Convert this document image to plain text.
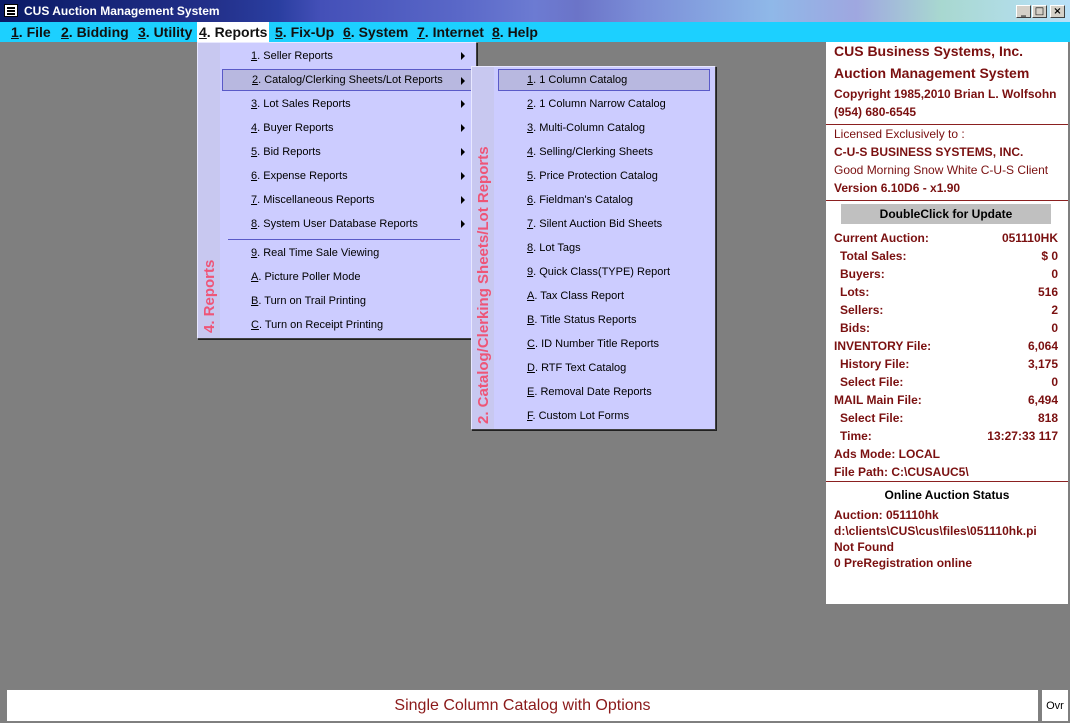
CUS Auction Management System	_ □ ×
1. File 2. Bidding 3. Utility 4. Reports 5. Fix-Up 6. System 7. Internet 8. Help
4. Reports
1. Seller Reports
2. Catalog/Clerking Sheets/Lot Reports
3. Lot Sales Reports
4. Buyer Reports
5. Bid Reports
6. Expense Reports
7. Miscellaneous Reports
8. System User Database Reports
9. Real Time Sale Viewing
A. Picture Poller Mode
B. Turn on Trail Printing
C. Turn on Receipt Printing	2. Catalog/Clerking Sheets/Lot Reports
1. 1 Column Catalog
2. 1 Column Narrow Catalog
3. Multi-Column Catalog
4. Selling/Clerking Sheets
5. Price Protection Catalog
6. Fieldman's Catalog
7. Silent Auction Bid Sheets
8. Lot Tags
9. Quick Class(TYPE) Report
A. Tax Class Report
B. Title Status Reports
C. ID Number Title Reports
D. RTF Text Catalog
E. Removal Date Reports
F. Custom Lot Forms
CUS Business Systems, Inc.
Auction Management System
Copyright 1985,2010 Brian L. Wolfsohn
(954) 680-6545
Licensed Exclusively to :
C-U-S BUSINESS SYSTEMS, INC.
Good Morning Snow White C-U-S Client
Version 6.10D6 - x1.90
DoubleClick for Update
Ads Mode: LOCAL
File Path: C:\CUSAUC5\
Online Auction Status
Auction: 051110hk
d:\clients\CUS\cus\files\051110hk.pi
Not Found
0 PreRegistration online
Current Auction:	051110HK
Total Sales:	$ 0
Buyers:	0
Lots:	516
Sellers:	2
Bids:	0
INVENTORY File:	6,064
History File:	3,175
Select File:	0
MAIL Main File:	6,494
Select File:	818
Time:	13:27:33 117
Single Column Catalog with Options	Ovr
